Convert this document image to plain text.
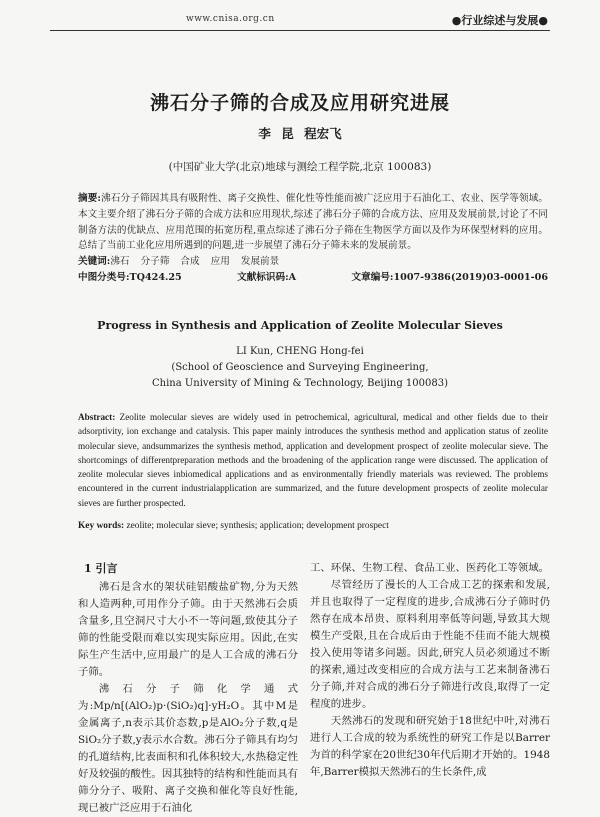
www.cnisa.org.cn	●行业综述与发展●
沸石分子筛的合成及应用研究进展
李 昆 程宏飞
(中国矿业大学(北京)地球与测绘工程学院,北京 100083)
摘要:沸石分子筛因其具有吸附性、离子交换性、催化性等性能而被广泛应用于石油化工、农业、医学等领域。本文主要介绍了沸石分子筛的合成方法和应用现状,综述了沸石分子筛的合成方法、应用及发展前景,讨论了不同制备方法的优缺点、应用范围的拓宽历程,重点综述了沸石分子筛在生物医学方面以及作为环保型材料的应用。总结了当前工业化应用所遇到的问题,进一步展望了沸石分子筛未来的发展前景。
关键词:沸石 分子筛 合成 应用 发展前景
中图分类号:TQ424.25	文献标识码:A	文章编号:1007-9386(2019)03-0001-06
Progress in Synthesis and Application of Zeolite Molecular Sieves
LI Kun, CHENG Hong-fei
(School of Geoscience and Surveying Engineering,
China University of Mining & Technology, Beijing 100083)
Abstract: Zeolite molecular sieves are widely used in petrochemical, agricultural, medical and other fields due to their adsorptivity, ion exchange and catalysis. This paper mainly introduces the synthesis method and application status of zeolite molecular sieve, andsummarizes the synthesis method, application and development prospect of zeolite molecular sieve. The shortcomings of differentpreparation methods and the broadening of the application range were discussed. The application of zeolite molecular sieves inbiomedical applications and as environmentally friendly materials was reviewed. The problems encountered in the current industrialapplication are summarized, and the future development prospects of zeolite molecular sieves are further prospected.
Key words: zeolite; molecular sieve; synthesis; application; development prospect
1 引言

沸石是含水的架状硅铝酸盐矿物,分为天然和人造两种,可用作分子筛。由于天然沸石会质含量多,且空洞尺寸大小不一等问题,致使其分子筛的性能受限而难以实现实际应用。因此,在实际生产生活中,应用最广的是人工合成的沸石分子筛。

沸石分子筛化学通式为:Mp/n[(AlO₂)p·(SiO₂)q]·yH₂O。其中M是金属离子,n表示其价态数,p是AlO₂分子数,q是SiO₂分子数,y表示水合数。沸石分子筛具有均匀的孔道结构,比表面积和孔体积较大,水热稳定性好及较强的酸性。因其独特的结构和性能而具有筛分分子、吸附、离子交换和催化等良好性能,现已被广泛应用于石油化

工、环保、生物工程、食品工业、医药化工等领域。

尽管经历了漫长的人工合成工艺的探索和发展,并且也取得了一定程度的进步,合成沸石分子筛时仍然存在成本昂贵、原料利用率低等问题,导致其大规模生产受限,且在合成后由于性能不佳而不能大规模投入使用等诸多问题。因此,研究人员必须通过不断的探索,通过改变相应的合成方法与工艺来制备沸石分子筛,并对合成的沸石分子筛进行改良,取得了一定程度的进步。

天然沸石的发现和研究始于18世纪中叶,对沸石进行人工合成的较为系统性的研究工作是以Barrer为首的科学家在20世纪30年代后期才开始的。1948年,Barrer模拟天然沸石的生长条件,成
